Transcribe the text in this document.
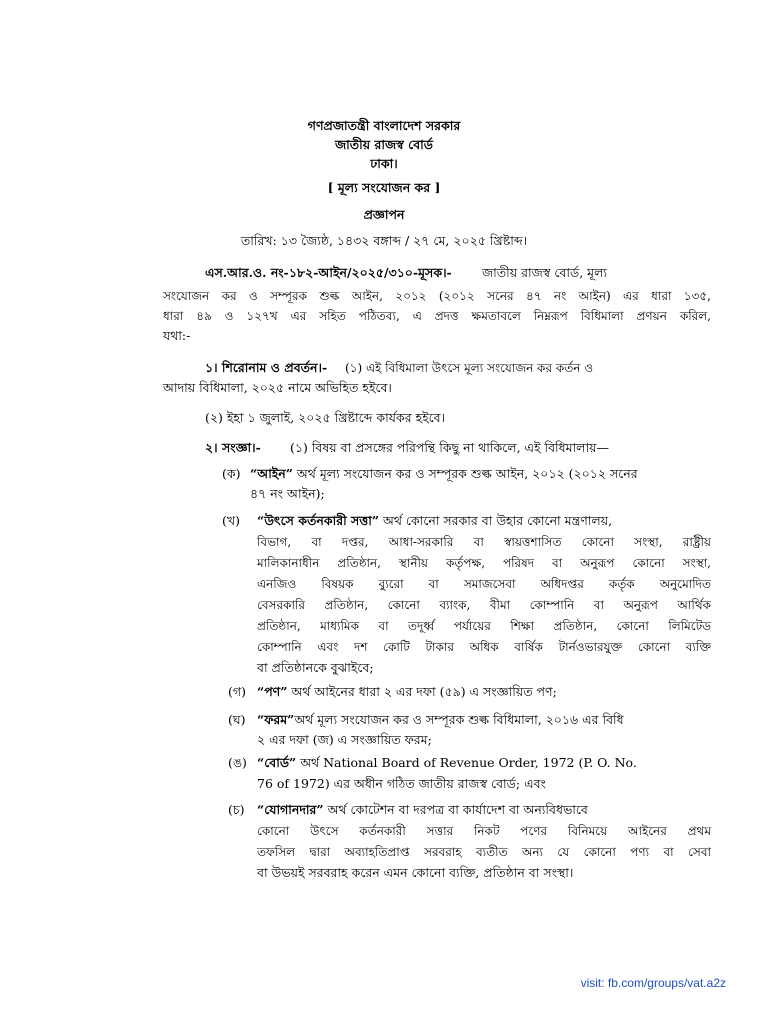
গণপ্রজাতন্ত্রী বাংলাদেশ সরকার
জাতীয় রাজস্ব বোর্ড
ঢাকা।
[ মূল্য সংযোজন কর ]
প্রজ্ঞাপন
তারিখ: ১৩ জ্যৈষ্ঠ, ১৪৩২ বঙ্গাব্দ / ২৭ মে, ২০২৫ খ্রিষ্টাব্দ।
এস.আর.ও. নং-১৮২-আইন/২০২৫/৩১০-মূসক।- জাতীয় রাজস্ব বোর্ড, মূল্য
সংযোজন কর ও সম্পূরক শুল্ক আইন, ২০১২ (২০১২ সনের ৪৭ নং আইন) এর ধারা ১৩৫,
ধারা ৪৯ ও ১২৭খ এর সহিত পঠিতব্য, এ প্রদত্ত ক্ষমতাবলে নিম্নরূপ বিধিমালা প্রণয়ন করিল,
যথা:-
১। শিরোনাম ও প্রবর্তন।- (১) এই বিধিমালা উৎসে মূল্য সংযোজন কর কর্তন ও
আদায় বিধিমালা, ২০২৫ নামে অভিহিত হইবে।
(২) ইহা ১ জুলাই, ২০২৫ খ্রিষ্টাব্দে কার্যকর হইবে।
২। সংজ্ঞা।- (১) বিষয় বা প্রসঙ্গের পরিপন্থি কিছু না থাকিলে, এই বিধিমালায়—
(ক) “আইন” অর্থ মূল্য সংযোজন কর ও সম্পূরক শুল্ক আইন, ২০১২ (২০১২ সনের
৪৭ নং আইন);
(খ) “উৎসে কর্তনকারী সত্তা” অর্থ কোনো সরকার বা উহার কোনো মন্ত্রণালয়,
বিভাগ, বা দপ্তর, আধা-সরকারি বা স্বায়ত্তশাসিত কোনো সংস্থা, রাষ্ট্রীয়
মালিকানাধীন প্রতিষ্ঠান, স্থানীয় কর্তৃপক্ষ, পরিষদ বা অনুরূপ কোনো সংস্থা,
এনজিও বিষয়ক ব্যুরো বা সমাজসেবা অধিদপ্তর কর্তৃক অনুমোদিত
বেসরকারি প্রতিষ্ঠান, কোনো ব্যাংক, বীমা কোম্পানি বা অনুরূপ আর্থিক
প্রতিষ্ঠান, মাধ্যমিক বা তদূর্ধ্ব পর্যায়ের শিক্ষা প্রতিষ্ঠান, কোনো লিমিটেড
কোম্পানি এবং দশ কোটি টাকার অধিক বার্ষিক টার্নওভারযুক্ত কোনো ব্যক্তি
বা প্রতিষ্ঠানকে বুঝাইবে;
(গ) “পণ” অর্থ আইনের ধারা ২ এর দফা (৫৯) এ সংজ্ঞায়িত পণ;
(ঘ) “ফরম”অর্থ মূল্য সংযোজন কর ও সম্পূরক শুল্ক বিধিমালা, ২০১৬ এর বিধি
২ এর দফা (জ) এ সংজ্ঞায়িত ফরম;
(ঙ) “বোর্ড” অর্থ National Board of Revenue Order, 1972 (P. O. No.
76 of 1972) এর অধীন গঠিত জাতীয় রাজস্ব বোর্ড; এবং
(চ) “যোগানদার” অর্থ কোটেশন বা দরপত্র বা কার্যাদেশ বা অন্যবিধভাবে
কোনো উৎসে কর্তনকারী সত্তার নিকট পণের বিনিময়ে আইনের প্রথম
তফসিল দ্বারা অব্যাহতিপ্রাপ্ত সরবরাহ ব্যতীত অন্য যে কোনো পণ্য বা সেবা
বা উভয়ই সরবরাহ করেন এমন কোনো ব্যক্তি, প্রতিষ্ঠান বা সংস্থা।
visit: fb.com/groups/vat.a2z
